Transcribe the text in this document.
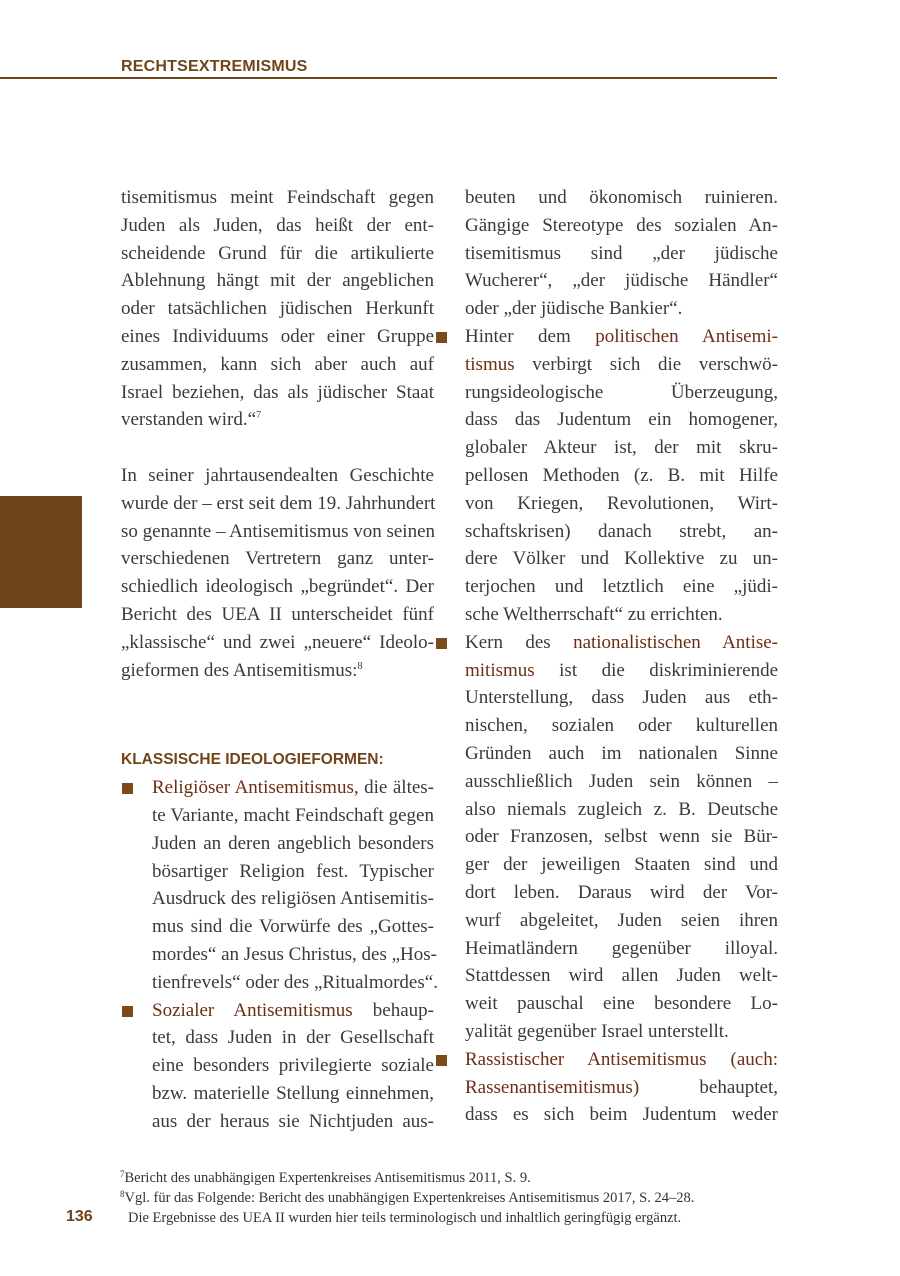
RECHTSEXTREMISMUS
tisemitismus meint Feindschaft gegen
Juden als Juden, das heißt der ent-
scheidende Grund für die artikulierte
Ablehnung hängt mit der angeblichen
oder tatsächlichen jüdischen Herkunft
eines Individuums oder einer Gruppe
zusammen, kann sich aber auch auf
Israel beziehen, das als jüdischer Staat
verstanden wird.“$^7$
In seiner jahrtausendealten Geschichte
wurde der – erst seit dem 19. Jahrhundert
so genannte – Antisemitismus von seinen
verschiedenen Vertretern ganz unter-
schiedlich ideologisch „begründet“. Der
Bericht des UEA II unterscheidet fünf
„klassische“ und zwei „neuere“ Ideolo-
gieformen des Antisemitismus:$^8$
KLASSISCHE IDEOLOGIEFORMEN:
Religiöser Antisemitismus, die ältes-
te Variante, macht Feindschaft gegen
Juden an deren angeblich besonders
bösartiger Religion fest. Typischer
Ausdruck des religiösen Antisemitis-
mus sind die Vorwürfe des „Gottes-
mordes“ an Jesus Christus, des „Hos-
tienfrevels“ oder des „Ritualmordes“.
Sozialer Antisemitismus behaup-
tet, dass Juden in der Gesellschaft
eine besonders privilegierte soziale
bzw. materielle Stellung einnehmen,
aus der heraus sie Nichtjuden aus-
beuten und ökonomisch ruinieren.
Gängige Stereotype des sozialen An-
tisemitismus sind „der jüdische
Wucherer“, „der jüdische Händler“
oder „der jüdische Bankier“.
Hinter dem politischen Antisemi-
tismus verbirgt sich die verschwö-
rungsideologische Überzeugung,
dass das Judentum ein homogener,
globaler Akteur ist, der mit skru-
pellosen Methoden (z. B. mit Hilfe
von Kriegen, Revolutionen, Wirt-
schaftskrisen) danach strebt, an-
dere Völker und Kollektive zu un-
terjochen und letztlich eine „jüdi-
sche Weltherrschaft“ zu errichten.
Kern des nationalistischen Antise-
mitismus ist die diskriminierende
Unterstellung, dass Juden aus eth-
nischen, sozialen oder kulturellen
Gründen auch im nationalen Sinne
ausschließlich Juden sein können –
also niemals zugleich z. B. Deutsche
oder Franzosen, selbst wenn sie Bür-
ger der jeweiligen Staaten sind und
dort leben. Daraus wird der Vor-
wurf abgeleitet, Juden seien ihren
Heimatländern gegenüber illoyal.
Stattdessen wird allen Juden welt-
weit pauschal eine besondere Lo-
yalität gegenüber Israel unterstellt.
Rassistischer Antisemitismus (auch:
Rassenantisemitismus) behauptet,
dass es sich beim Judentum weder
$^7$Bericht des unabhängigen Expertenkreises Antisemitismus 2011, S. 9.
$^8$Vgl. für das Folgende: Bericht des unabhängigen Expertenkreises Antisemitismus 2017, S. 24–28.
Die Ergebnisse des UEA II wurden hier teils terminologisch und inhaltlich geringfügig ergänzt.
136
